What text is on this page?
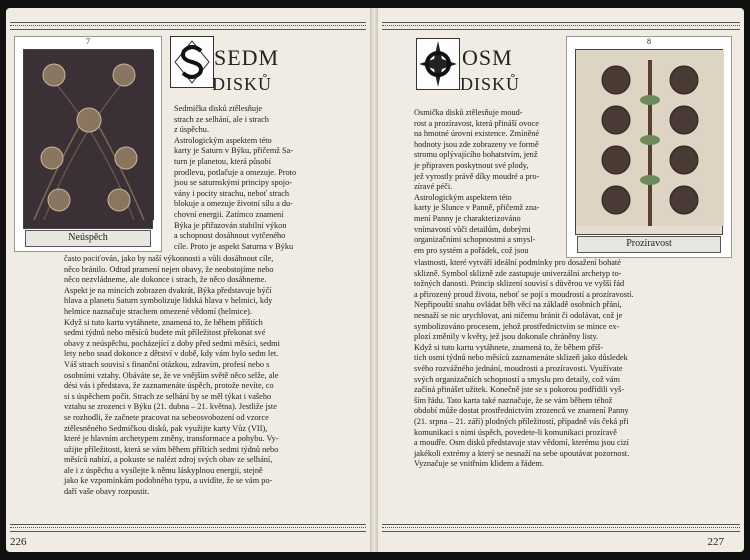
7
Neúspěch
SEDM
DISKŮ
Sedmička disků ztělesňuje
strach ze selhání, ale i strach
z úspěchu.
Astrologickým aspektem této
karty je Saturn v Býku, přičemž Sa-
turn je planetou, která působí
prodlevu, potlačuje a omezuje. Proto
jsou se saturnskými principy spojo-
vány i pocity strachu, neboť strach
blokuje a omezuje životní sílu a du-
chovní energii. Zatímco znamení
Býka je přiřazován stabilní výkon
a schopnost dosáhnout vytčeného
cíle. Proto je aspekt Saturna v Býku
často pociťován, jako by naší výkonnosti a vůli dosáhnout cíle,
něco bránilo. Odtud pramení nejen obavy, že neobstojíme nebo
něco nezvládneme, ale dokonce i strach, že něco dosáhneme.
Aspekt je na mincích zobrazen dvakrát, Býka představuje býčí
hlava a planetu Saturn symbolizuje lidská hlava v helmici, kdy
helmice naznačuje strachem omezené vědomí (helmice).
Když si tuto kartu vytáhnete, znamená to, že během příštích
sedmi týdnů nebo měsíců budete mít příležitost překonat své
obavy z neúspěchu, pocházející z doby před sedmi měsíci, sedmi
lety nebo snad dokonce z dětství v době, kdy vám bylo sedm let.
Váš strach souvisí s finanční otázkou, zdravím, profesí nebo s
osobními vztahy. Obáváte se, že ve vnějším světě něco selže, ale
dési vás i představa, že zaznamenáte úspěch, protože nevíte, co
si s úspěchem počít. Strach ze selhání by se měl týkat i vašeho
vztahu se zrozenci v Býku (21. dubna – 21. května). Jestliže jste
se rozhodli, že začnete pracovat na sebeosvobození od vzorce
ztělesněného Sedmičkou disků, pak využijte karty Vůz (VII),
které je hlavním archetypem změny, transformace a pohybu. Vy-
užijte příležitosti, která se vám během příštích sedmi týdnů nebo
měsíců nabízí, a pokuste se nalézt zdroj svých obav ze selhání,
ale i z úspěchu a vysílejte k němu láskyplnou energii, stejně
jako ke vzpomínkám podobného typu, a uvidíte, že se vám po-
daří vaše obavy rozpustit.
226
OSM
DISKŮ
8
Prozíravost
Osmička disků ztělesňuje moud-
rost a prozíravost, která přináší ovoce
na hmotné úrovni existence. Zmíněné
hodnoty jsou zde zobrazeny ve formě
stromu oplývajícího bohatstvím, jenž
je připraven poskytnout své plody,
jež vyrostly právě díky moudré a pro-
zíravé péči.
Astrologickým aspektem této
karty je Slunce v Panně, přičemž zna-
mení Panny je charakterizováno
vnímavostí vůči detailům, dobrými
organizačními schopnostmi a smysl-
em pro systém a pořádek, což jsou
vlastnosti, které vytváří ideální podmínky pro dosažení bohaté
sklizně. Symbol sklizně zde zastupuje univerzální archetyp to-
tožných danosti. Princip sklizení souvisí s důvěrou ve vyšší řád
a přirozený proud života, neboť se pojí s moudrostí a prozíravostí.
Nepřipouští snahu ovládat běh věcí na základě osobních přání,
nesnaží se nic urychlovat, ani ničemu bránit či odolávat, což je
symbolizováno procesem, jehož prostřednictvím se mince ex-
plozí změnily v květy, jež jsou dokonale chráněny listy.
Když si tuto kartu vytáhnete, znamená to, že během příš-
tích osmi týdnů nebo měsíců zaznamenáte sklizeň jako důsledek
svého rozvážného jednání, moudrosti a prozíravosti. Využívate
svých organizačních schopností a smyslu pro detaily, což vám
začíná přinášet užitek. Konečně jste se s pokorou podřídili vyš-
ším řádu. Tato karta také naznačuje, že se vám během téhož
období může dostat prostřednictvím zrozenců ve znamení Panny
(21. srpna – 21. září) plodných příležitostí, případně vás čeká při
komunikaci s nimi úspěch, povedete-li komunikaci prozíravě
a moudře. Osm disků představuje stav vědomí, kterému jsou cizí
jakékoli extrémy a který se nesnaží na sebe upoutávat pozornost.
Vyznačuje se vnitřním klidem a řádem.
227
